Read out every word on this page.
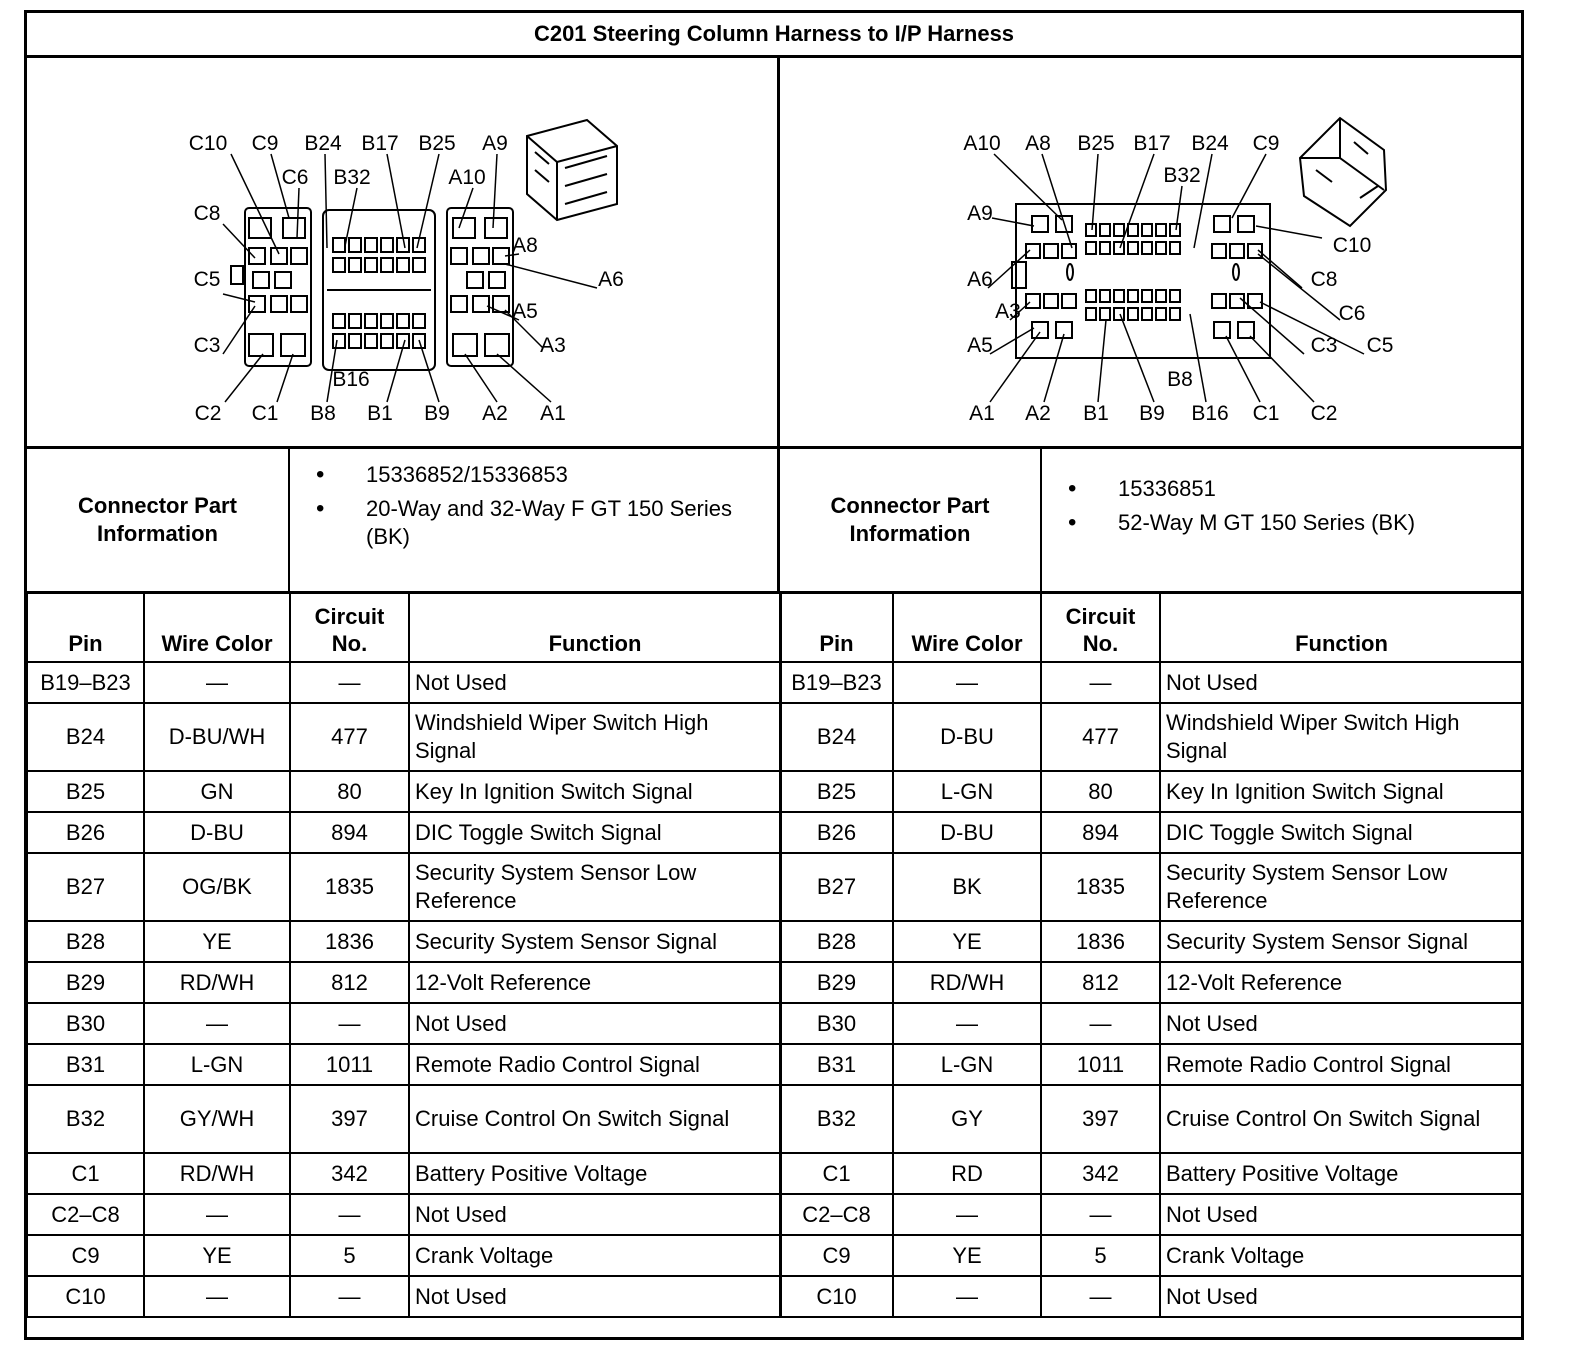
C201 Steering Column Harness to I/P Harness
C10 C9
C6
B24
B32
B17 B25
A10
A9
C8
C5
C3
A8
A6
A5
A3
B16
C2 C1 B8 B1 B9 A2 A1
A10 A8 B25 B17 B24 C9
B32
A9
A6
A3
A5
C10
C8
C6
C3 C5
B8
A1 A2 B1 B9 B16 C1 C2
Connector Part Information
• 15336852/15336853
• 20-Way and 32-Way F GT 150 Series (BK)
Connector Part Information
• 15336851
• 52-Way M GT 150 Series (BK)
Pin	Wire Color	Circuit No.	Function
B19–B23	—	—	Not Used
B24	D-BU/WH	477	Windshield Wiper Switch High Signal
B25	GN	80	Key In Ignition Switch Signal
B26	D-BU	894	DIC Toggle Switch Signal
B27	OG/BK	1835	Security System Sensor Low Reference
B28	YE	1836	Security System Sensor Signal
B29	RD/WH	812	12-Volt Reference
B30	—	—	Not Used
B31	L-GN	1011	Remote Radio Control Signal
B32	GY/WH	397	Cruise Control On Switch Signal
C1	RD/WH	342	Battery Positive Voltage
C2–C8	—	—	Not Used
C9	YE	5	Crank Voltage
C10	—	—	Not Used
Pin	Wire Color	Circuit No.	Function
B19–B23	—	—	Not Used
B24	D-BU	477	Windshield Wiper Switch High Signal
B25	L-GN	80	Key In Ignition Switch Signal
B26	D-BU	894	DIC Toggle Switch Signal
B27	BK	1835	Security System Sensor Low Reference
B28	YE	1836	Security System Sensor Signal
B29	RD/WH	812	12-Volt Reference
B30	—	—	Not Used
B31	L-GN	1011	Remote Radio Control Signal
B32	GY	397	Cruise Control On Switch Signal
C1	RD	342	Battery Positive Voltage
C2–C8	—	—	Not Used
C9	YE	5	Crank Voltage
C10	—	—	Not Used
